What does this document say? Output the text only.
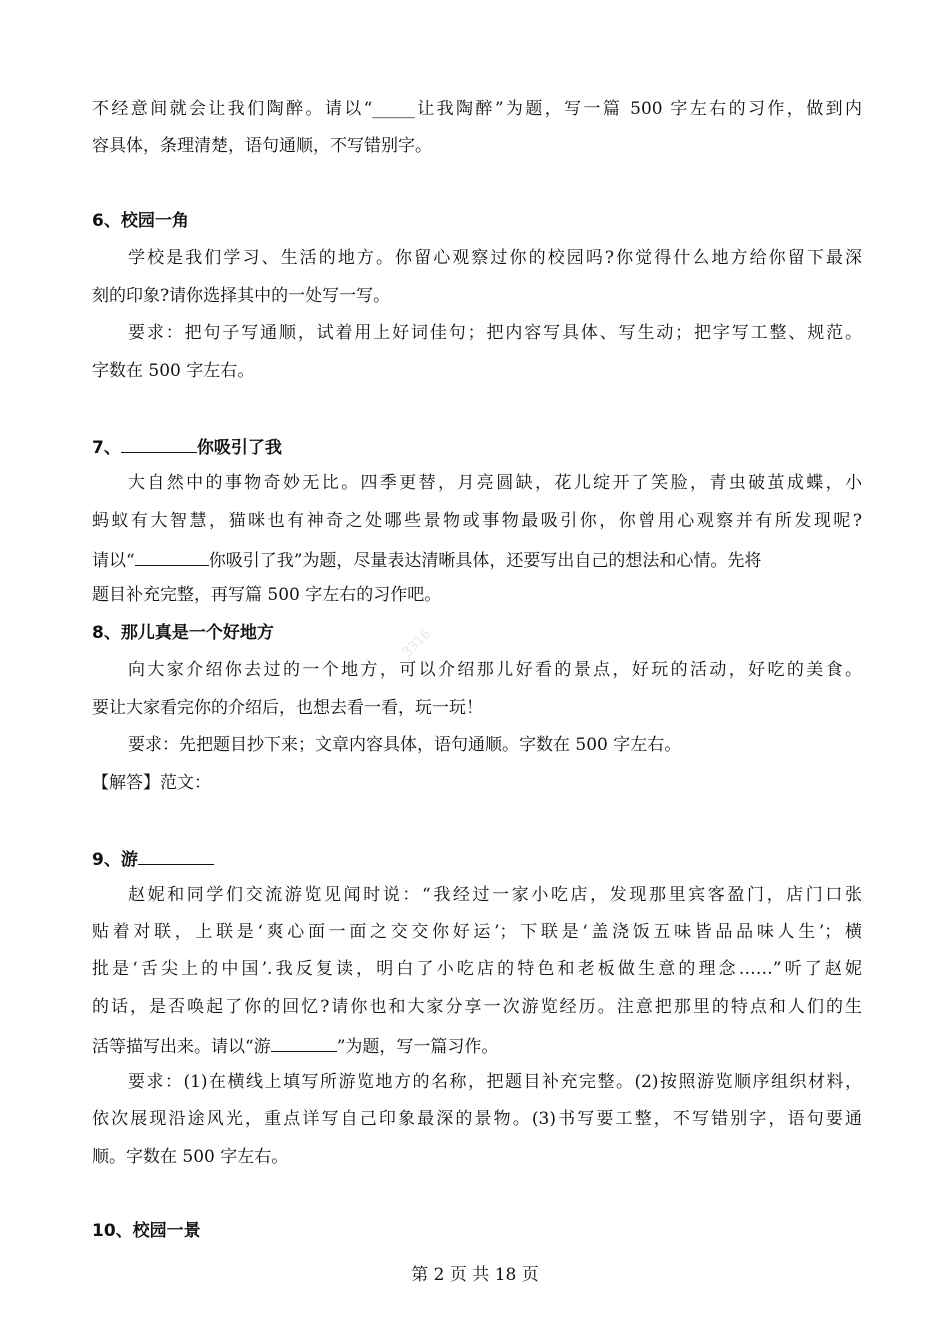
不经意间就会让我们陶醉。请以“_____让我陶醉”为题，写一篇 500 字左右的习作，做到内
容具体，条理清楚，语句通顺，不写错别字。
6、校园一角
学校是我们学习、生活的地方。你留心观察过你的校园吗?你觉得什么地方给你留下最深
刻的印象?请你选择其中的一处写一写。
要求：把句子写通顺，试着用上好词佳句；把内容写具体、写生动；把字写工整、规范。
字数在 500 字左右。
7、	你吸引了我
大自然中的事物奇妙无比。四季更替，月亮圆缺，花儿绽开了笑脸，青虫破茧成蝶，小
蚂蚁有大智慧，猫咪也有神奇之处哪些景物或事物最吸引你，你曾用心观察并有所发现呢?
请以“	你吸引了我”为题，尽量表达清晰具体，还要写出自己的想法和心情。先将
题目补充完整，再写篇 500 字左右的习作吧。
8、那儿真是一个好地方
向大家介绍你去过的一个地方，可以介绍那儿好看的景点，好玩的活动，好吃的美食。
要让大家看完你的介绍后，也想去看一看，玩一玩！
要求：先把题目抄下来；文章内容具体，语句通顺。字数在 500 字左右。
【解答】范文：
9、游
赵妮和同学们交流游览见闻时说：“我经过一家小吃店，发现那里宾客盈门，店门口张
贴着对联，上联是‘爽心面一面之交交你好运’；下联是‘盖浇饭五味皆品品味人生’；横
批是‘舌尖上的中国’.我反复读，明白了小吃店的特色和老板做生意的理念……”听了赵妮
的话，是否唤起了你的回忆?请你也和大家分享一次游览经历。注意把那里的特点和人们的生
活等描写出来。请以“游	”为题，写一篇习作。
要求：(1)在横线上填写所游览地方的名称，把题目补充完整。(2)按照游览顺序组织材料，
依次展现沿途风光，重点详写自己印象最深的景物。(3)书写要工整，不写错别字，语句要通
顺。字数在 500 字左右。
10、校园一景
3316
第 2 页 共 18 页
